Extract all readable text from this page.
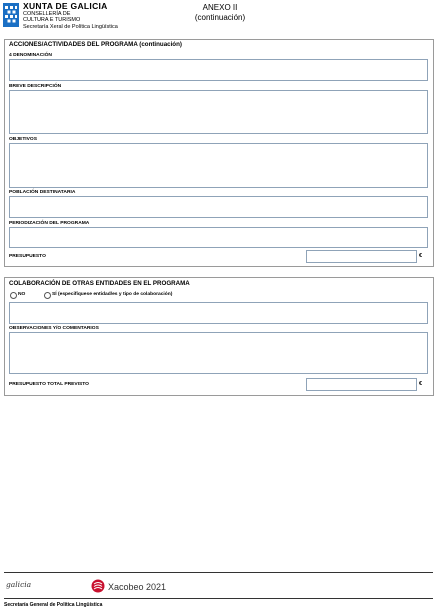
XUNTA DE GALICIA
CONSELLERÍA DE
CULTURA E TURISMO
Secretaría Xeral de Política Lingüística
ANEXO II
(continuación)
ACCIONES/ACTIVIDADES DEL PROGRAMA (continuación)
4 DENOMINACIÓN
BREVE DESCRIPCIÓN
OBJETIVOS
POBLACIÓN DESTINATARIA
PERIODIZACIÓN DEL PROGRAMA
PRESUPUESTO	€
COLABORACIÓN DE OTRAS ENTIDADES EN EL PROGRAMA
NO	SÍ (especifíquese entidad/es y tipo de colaboración)
OBSERVACIONES Y/O COMENTARIOS
PRESUPUESTO TOTAL PREVISTO	€
galicia	Xacobeo 2021
Secretaría General de Política Lingüística
